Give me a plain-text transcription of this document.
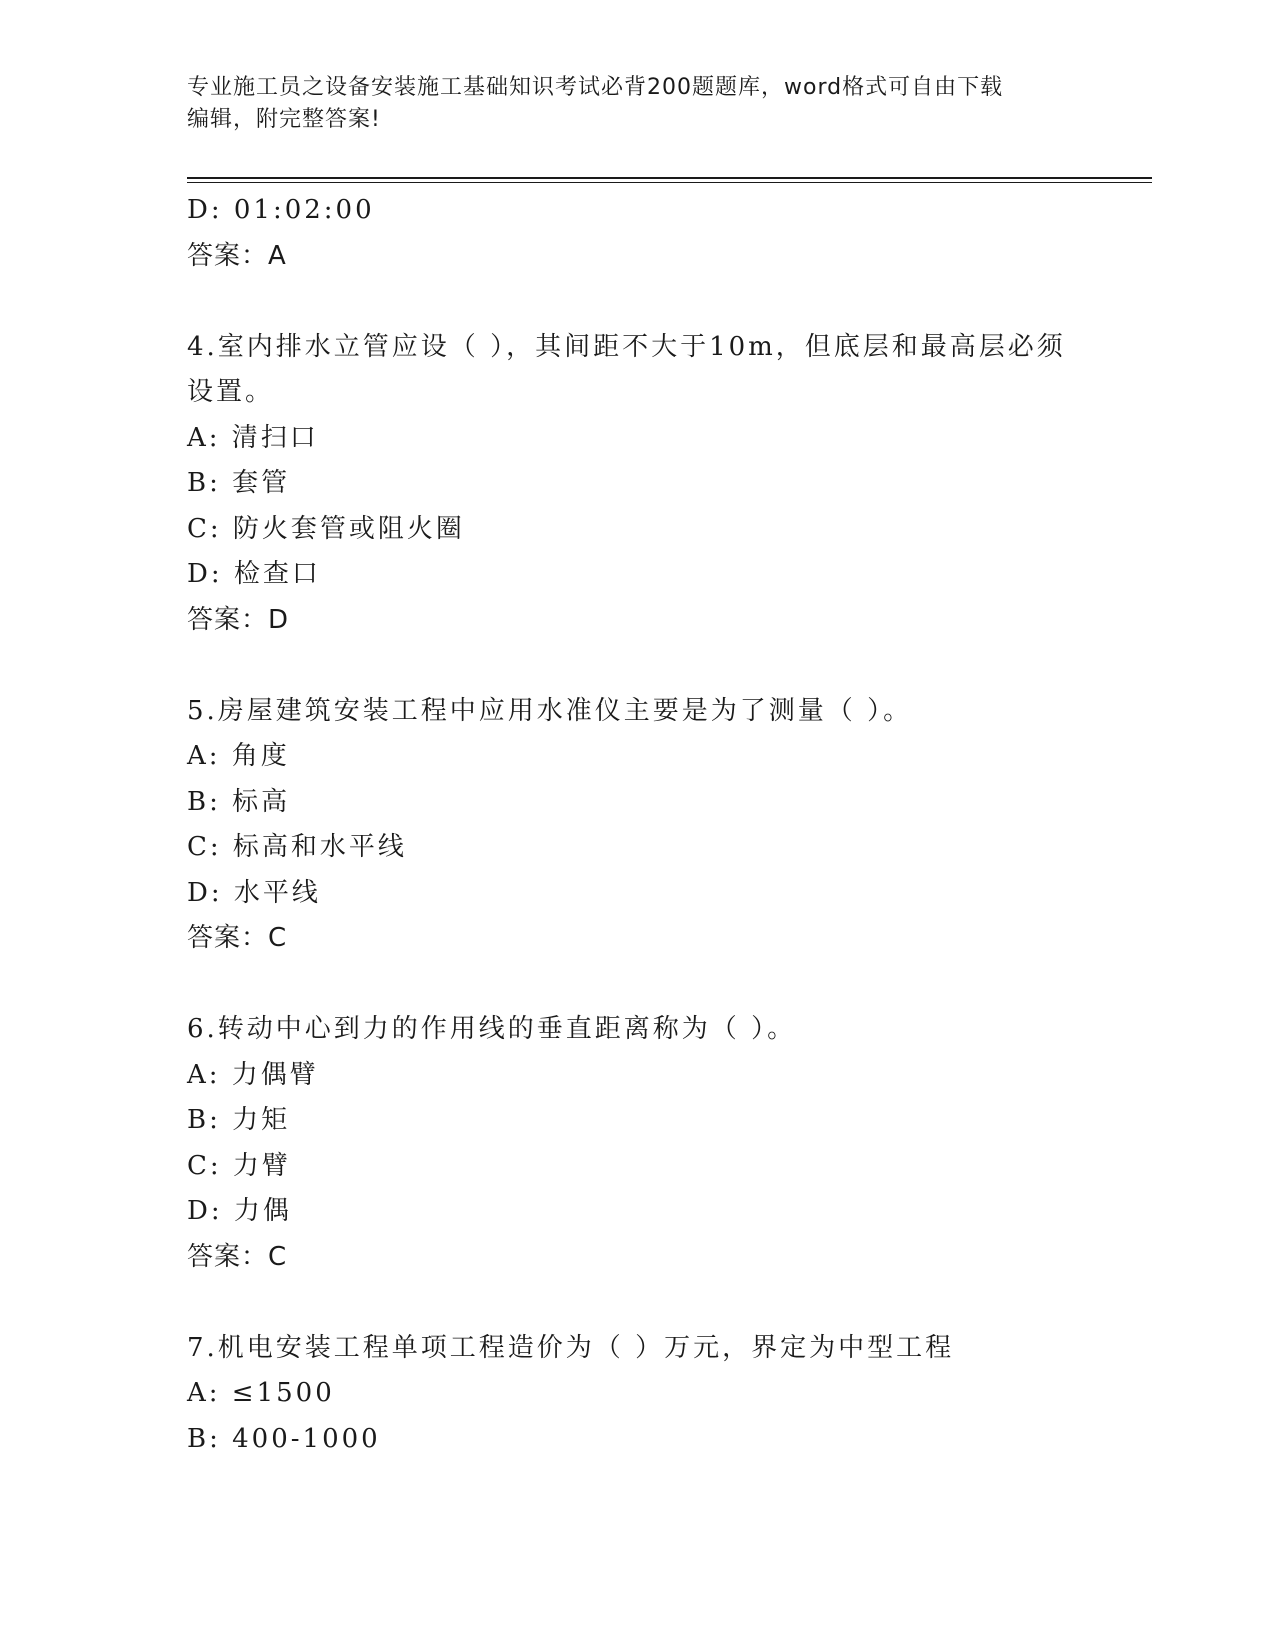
专业施工员之设备安装施工基础知识考试必背200题题库，word格式可自由下载
编辑，附完整答案!
D: 01:02:00
答案：A
4.室内排水立管应设（ ），其间距不大于10m，但底层和最高层必须
设置。
A: 清扫口
B: 套管
C: 防火套管或阻火圈
D: 检查口
答案：D
5.房屋建筑安装工程中应用水准仪主要是为了测量（ ）。
A: 角度
B: 标高
C: 标高和水平线
D: 水平线
答案：C
6.转动中心到力的作用线的垂直距离称为（ ）。
A: 力偶臂
B: 力矩
C: 力臂
D: 力偶
答案：C
7.机电安装工程单项工程造价为（ ）万元，界定为中型工程
A: ≤1500
B: 400-1000
